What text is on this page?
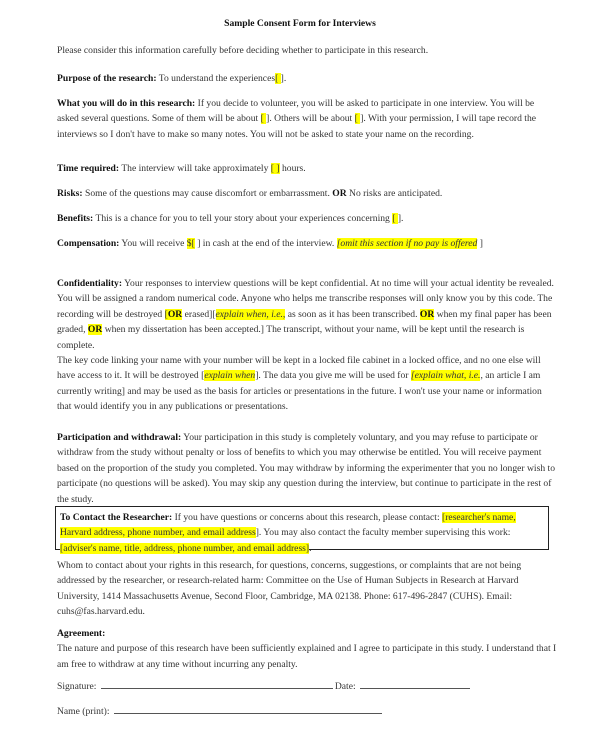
Sample Consent Form for Interviews

Please consider this information carefully before deciding whether to participate in this research.

Purpose of the research: To understand the experiences[ ].

What you will do in this research: If you decide to volunteer, you will be asked to participate in one interview. You will be asked several questions. Some of them will be about [ ]. Others will be about [ ]. With your permission, I will tape record the interviews so I don't have to make so many notes. You will not be asked to state your name on the recording.

Time required: The interview will take approximately [ ] hours.

Risks: Some of the questions may cause discomfort or embarrassment. OR No risks are anticipated.

Benefits: This is a chance for you to tell your story about your experiences concerning [ ].

Compensation: You will receive $[ ] in cash at the end of the interview. [omit this section if no pay is offered ]

Confidentiality: Your responses to interview questions will be kept confidential. At no time will your actual identity be revealed. You will be assigned a random numerical code. Anyone who helps me transcribe responses will only know you by this code. The recording will be destroyed [OR erased][explain when, i.e., as soon as it has been transcribed. OR when my final paper has been graded, OR when my dissertation has been accepted.] The transcript, without your name, will be kept until the research is complete.

The key code linking your name with your number will be kept in a locked file cabinet in a locked office, and no one else will have access to it. It will be destroyed [explain when]. The data you give me will be used for [explain what, i.e., an article I am currently writing] and may be used as the basis for articles or presentations in the future. I won't use your name or information that would identify you in any publications or presentations.

Participation and withdrawal: Your participation in this study is completely voluntary, and you may refuse to participate or withdraw from the study without penalty or loss of benefits to which you may otherwise be entitled. You will receive payment based on the proportion of the study you completed. You may withdraw by informing the experimenter that you no longer wish to participate (no questions will be asked). You may skip any question during the interview, but continue to participate in the rest of the study.

To Contact the Researcher: If you have questions or concerns about this research, please contact: [researcher's name, Harvard address, phone number, and email address]. You may also contact the faculty member supervising this work: [adviser's name, title, address, phone number, and email address].

Whom to contact about your rights in this research, for questions, concerns, suggestions, or complaints that are not being addressed by the researcher, or research-related harm: Committee on the Use of Human Subjects in Research at Harvard University, 1414 Massachusetts Avenue, Second Floor, Cambridge, MA 02138. Phone: 617-496-2847 (CUHS). Email: cuhs@fas.harvard.edu.

Agreement:
The nature and purpose of this research have been sufficiently explained and I agree to participate in this study. I understand that I am free to withdraw at any time without incurring any penalty.

Signature:	Date:
Name (print):
